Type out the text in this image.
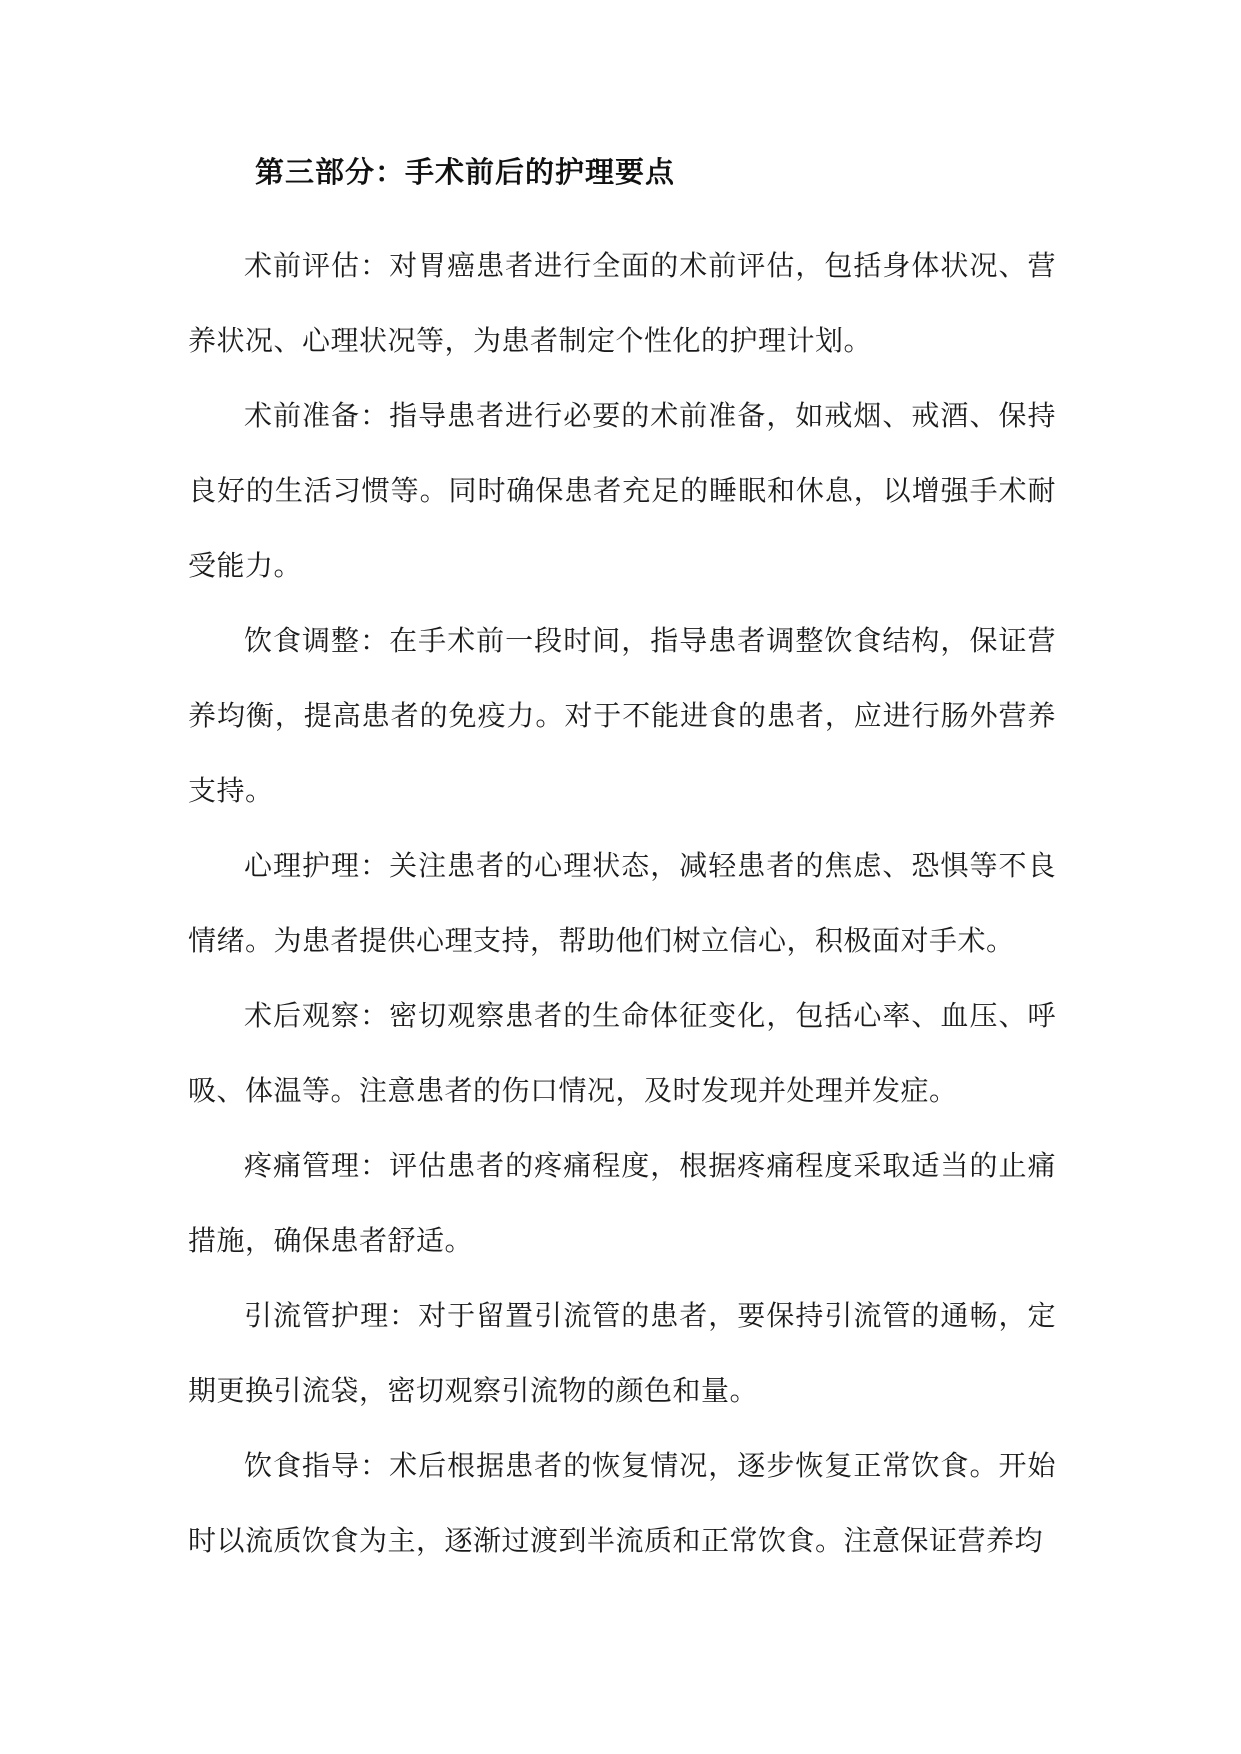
第三部分：手术前后的护理要点

术前评估：对胃癌患者进行全面的术前评估，包括身体状况、营养状况、心理状况等，为患者制定个性化的护理计划。

术前准备：指导患者进行必要的术前准备，如戒烟、戒酒、保持良好的生活习惯等。同时确保患者充足的睡眠和休息，以增强手术耐受能力。

饮食调整：在手术前一段时间，指导患者调整饮食结构，保证营养均衡，提高患者的免疫力。对于不能进食的患者，应进行肠外营养支持。

心理护理：关注患者的心理状态，减轻患者的焦虑、恐惧等不良情绪。为患者提供心理支持，帮助他们树立信心，积极面对手术。

术后观察：密切观察患者的生命体征变化，包括心率、血压、呼吸、体温等。注意患者的伤口情况，及时发现并处理并发症。

疼痛管理：评估患者的疼痛程度，根据疼痛程度采取适当的止痛措施，确保患者舒适。

引流管护理：对于留置引流管的患者，要保持引流管的通畅，定期更换引流袋，密切观察引流物的颜色和量。

饮食指导：术后根据患者的恢复情况，逐步恢复正常饮食。开始时以流质饮食为主，逐渐过渡到半流质和正常饮食。注意保证营养均
